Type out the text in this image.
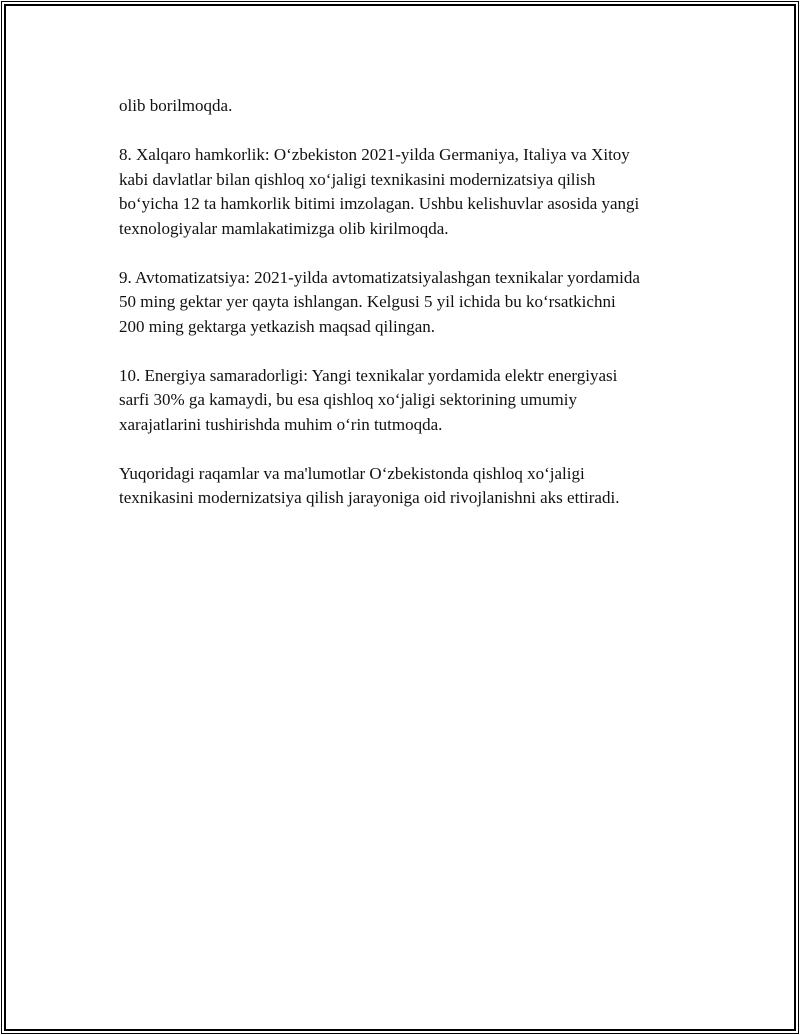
olib borilmoqda.

8. Xalqaro hamkorlik: O‘zbekiston 2021-yilda Germaniya, Italiya va Xitoy
kabi davlatlar bilan qishloq xo‘jaligi texnikasini modernizatsiya qilish
bo‘yicha 12 ta hamkorlik bitimi imzolagan. Ushbu kelishuvlar asosida yangi
texnologiyalar mamlakatimizga olib kirilmoqda.

9. Avtomatizatsiya: 2021-yilda avtomatizatsiyalashgan texnikalar yordamida
50 ming gektar yer qayta ishlangan. Kelgusi 5 yil ichida bu ko‘rsatkichni
200 ming gektarga yetkazish maqsad qilingan.

10. Energiya samaradorligi: Yangi texnikalar yordamida elektr energiyasi
sarfi 30% ga kamaydi, bu esa qishloq xo‘jaligi sektorining umumiy
xarajatlarini tushirishda muhim o‘rin tutmoqda.

Yuqoridagi raqamlar va ma'lumotlar O‘zbekistonda qishloq xo‘jaligi
texnikasini modernizatsiya qilish jarayoniga oid rivojlanishni aks ettiradi.
